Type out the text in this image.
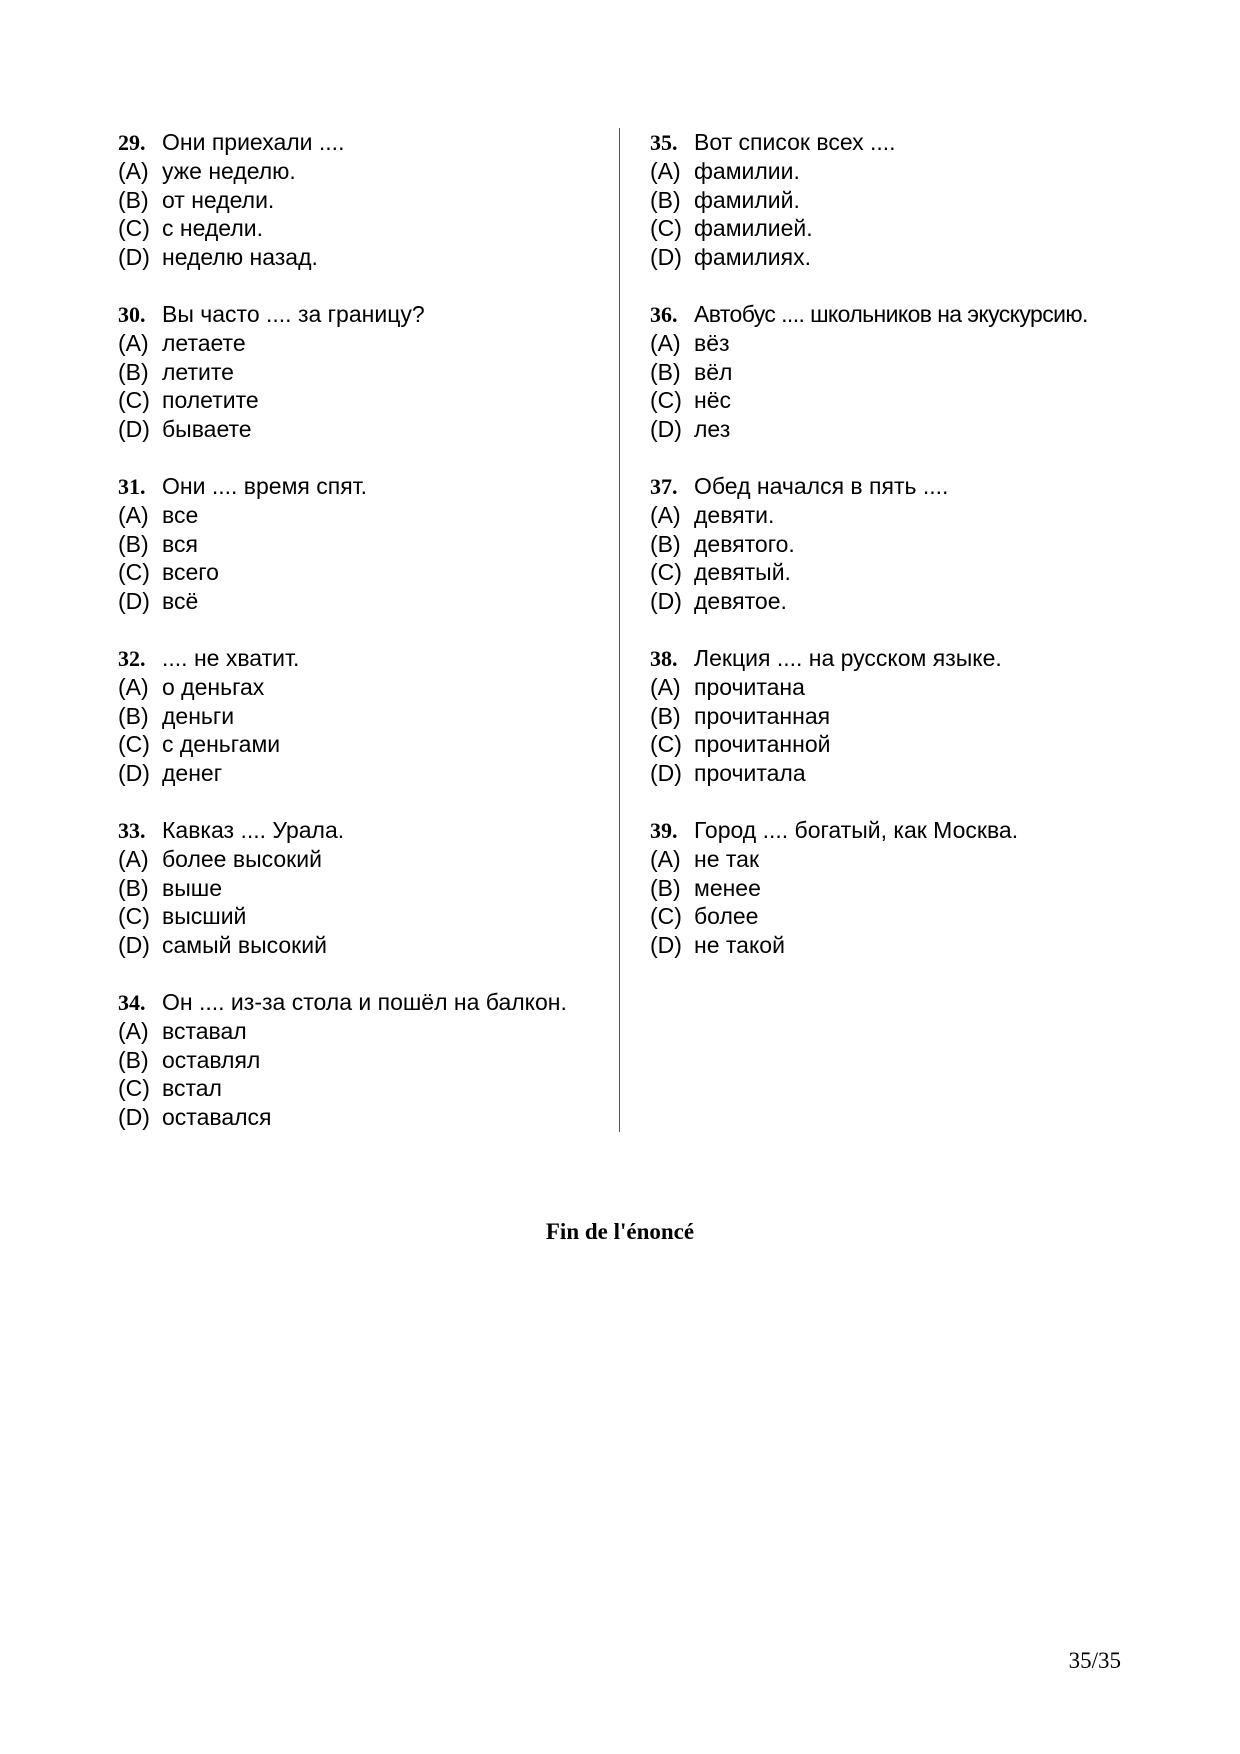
29. Они приехали ....
(A) уже неделю.
(B) от недели.
(C) с недели.
(D) неделю назад.
30. Вы часто .... за границу?
(A) летаете
(B) летите
(C) полетите
(D) бываете
31. Они .... время спят.
(A) все
(B) вся
(C) всего
(D) всё
32. .... не хватит.
(A) о деньгах
(B) деньги
(C) с деньгами
(D) денег
33. Кавказ .... Урала.
(A) более высокий
(B) выше
(C) высший
(D) самый высокий
34. Он .... из-за стола и пошёл на балкон.
(A) вставал
(B) оставлял
(C) встал
(D) оставался
35. Вот список всех ....
(A) фамилии.
(B) фамилий.
(C) фамилией.
(D) фамилиях.
36. Автобус .... школьников на экускурсию.
(A) вёз
(B) вёл
(C) нёс
(D) лез
37. Обед начался в пять ....
(A) девяти.
(B) девятого.
(C) девятый.
(D) девятое.
38. Лекция .... на русском языке.
(A) прочитана
(B) прочитанная
(C) прочитанной
(D) прочитала
39. Город .... богатый, как Москва.
(A) не так
(B) менее
(C) более
(D) не такой
Fin de l'énoncé
35/35
